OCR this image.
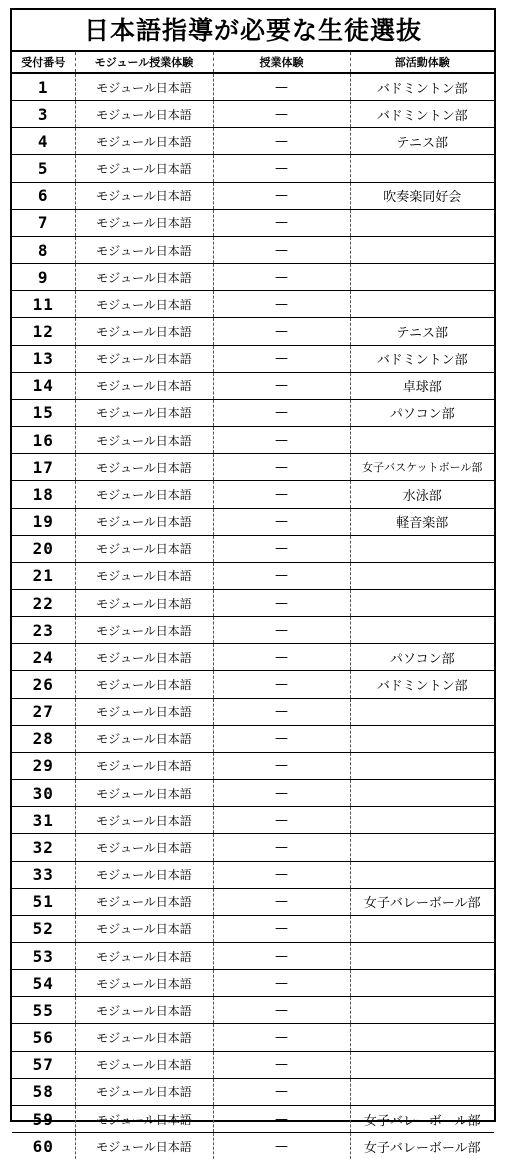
日本語指導が必要な生徒選抜
受付番号	モジュール授業体験	授業体験	部活動体験
1	モジュール日本語	—	バドミントン部
3	モジュール日本語	—	バドミントン部
4	モジュール日本語	—	テニス部
5	モジュール日本語	—	
6	モジュール日本語	—	吹奏楽同好会
7	モジュール日本語	—	
8	モジュール日本語	—	
9	モジュール日本語	—	
11	モジュール日本語	—	
12	モジュール日本語	—	テニス部
13	モジュール日本語	—	バドミントン部
14	モジュール日本語	—	卓球部
15	モジュール日本語	—	パソコン部
16	モジュール日本語	—	
17	モジュール日本語	—	女子バスケットボール部
18	モジュール日本語	—	水泳部
19	モジュール日本語	—	軽音楽部
20	モジュール日本語	—	
21	モジュール日本語	—	
22	モジュール日本語	—	
23	モジュール日本語	—	
24	モジュール日本語	—	パソコン部
26	モジュール日本語	—	バドミントン部
27	モジュール日本語	—	
28	モジュール日本語	—	
29	モジュール日本語	—	
30	モジュール日本語	—	
31	モジュール日本語	—	
32	モジュール日本語	—	
33	モジュール日本語	—	
51	モジュール日本語	—	女子バレーボール部
52	モジュール日本語	—	
53	モジュール日本語	—	
54	モジュール日本語	—	
55	モジュール日本語	—	
56	モジュール日本語	—	
57	モジュール日本語	—	
58	モジュール日本語	—	
59	モジュール日本語	—	女子バレーボール部
60	モジュール日本語	—	女子バレーボール部
